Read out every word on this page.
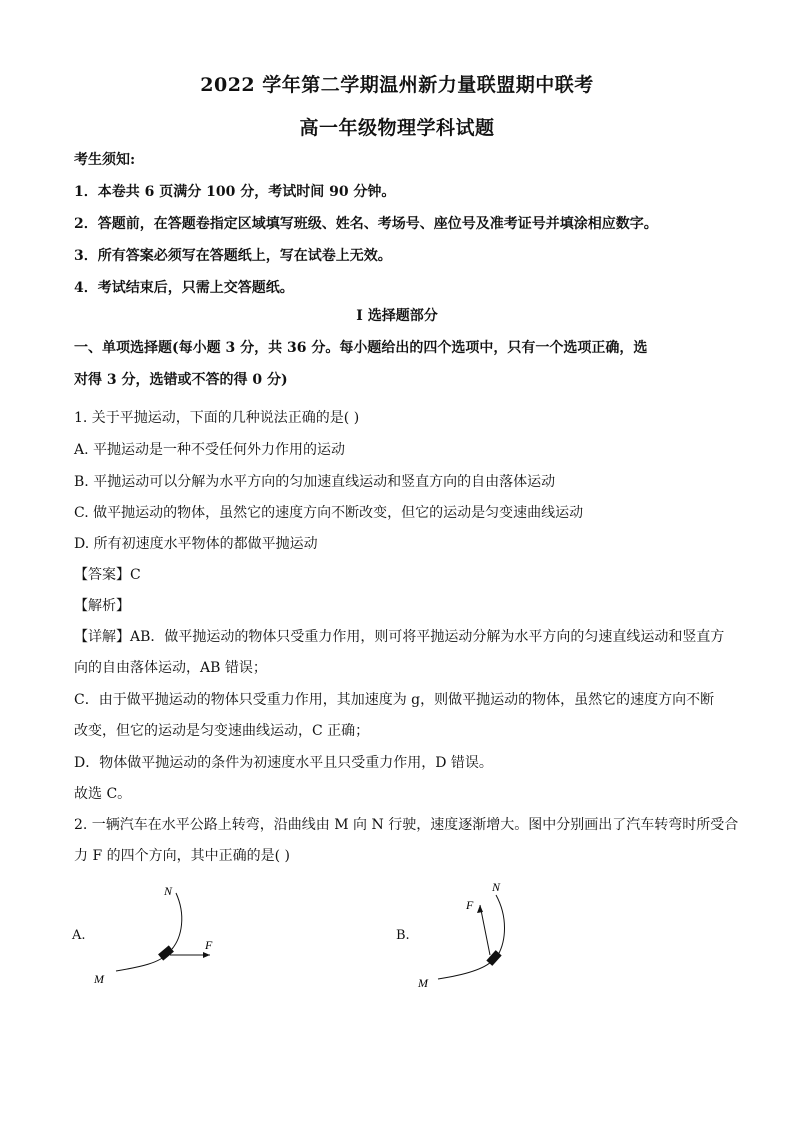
2022 学年第二学期温州新力量联盟期中联考
高一年级物理学科试题
考生须知:
1．本卷共 6 页满分 100 分，考试时间 90 分钟。
2．答题前，在答题卷指定区域填写班级、姓名、考场号、座位号及准考证号并填涂相应数字。
3．所有答案必须写在答题纸上，写在试卷上无效。
4．考试结束后，只需上交答题纸。
Ⅰ 选择题部分
一、单项选择题(每小题 3 分，共 36 分。每小题给出的四个选项中，只有一个选项正确，选
对得 3 分，选错或不答的得 0 分)
1. 关于平抛运动，下面的几种说法正确的是( )
A. 平抛运动是一种不受任何外力作用的运动
B. 平抛运动可以分解为水平方向的匀加速直线运动和竖直方向的自由落体运动
C. 做平抛运动的物体，虽然它的速度方向不断改变，但它的运动是匀变速曲线运动
D. 所有初速度水平物体的都做平抛运动
【答案】C
【解析】
【详解】AB．做平抛运动的物体只受重力作用，则可将平抛运动分解为水平方向的匀速直线运动和竖直方
向的自由落体运动，AB 错误；
C．由于做平抛运动的物体只受重力作用，其加速度为 g，则做平抛运动的物体，虽然它的速度方向不断
改变，但它的运动是匀变速曲线运动，C 正确；
D．物体做平抛运动的条件为初速度水平且只受重力作用，D 错误。
故选 C。
2. 一辆汽车在水平公路上转弯，沿曲线由 M 向 N 行驶，速度逐渐增大。图中分别画出了汽车转弯时所受合
力 F 的四个方向，其中正确的是( )
A.
N
M
F
B.
N
M
F
